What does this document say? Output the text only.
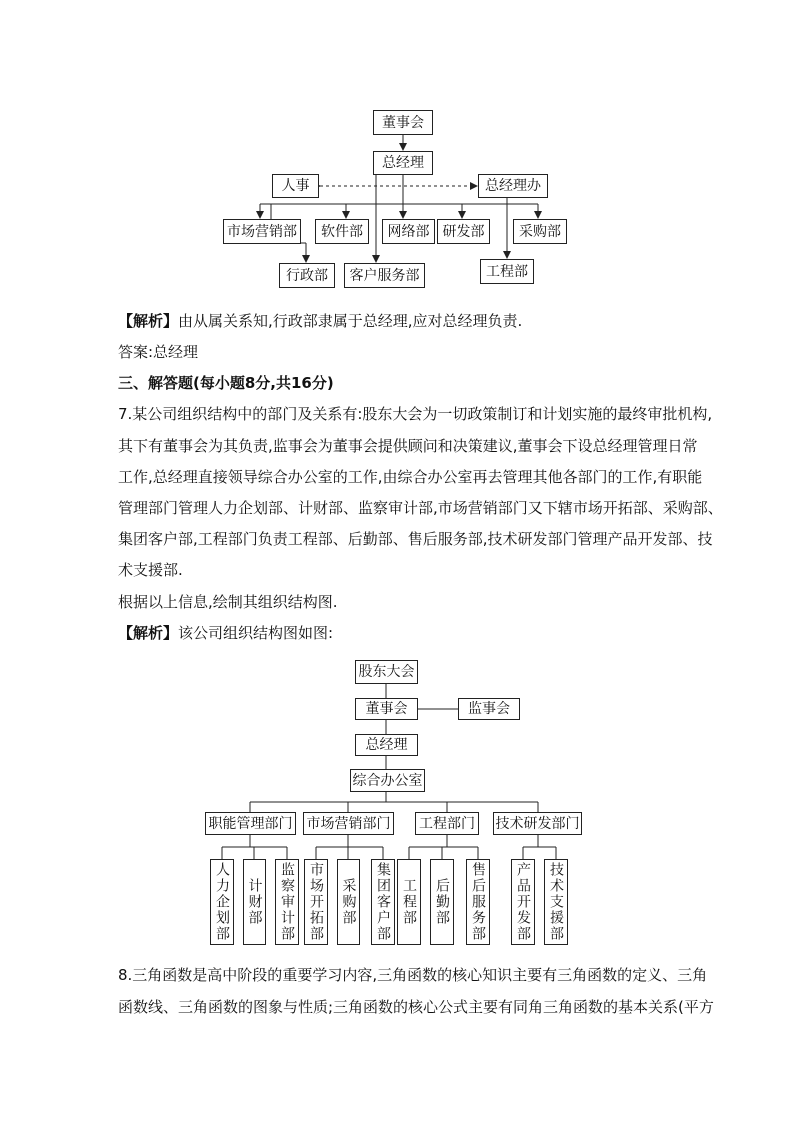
董事会
总经理
人事	总经理办
市场营销部	软件部	网络部 研发部	采购部
行政部	客户服务部	工程部
【解析】由从属关系知,行政部隶属于总经理,应对总经理负责.
答案:总经理
三、解答题(每小题8分,共16分)
7.某公司组织结构中的部门及关系有:股东大会为一切政策制订和计划实施的最终审批机构,
其下有董事会为其负责,监事会为董事会提供顾问和决策建议,董事会下设总经理管理日常
工作,总经理直接领导综合办公室的工作,由综合办公室再去管理其他各部门的工作,有职能
管理部门管理人力企划部、计财部、监察审计部,市场营销部门又下辖市场开拓部、采购部、
集团客户部,工程部门负责工程部、后勤部、售后服务部,技术研发部门管理产品开发部、技
术支援部.
根据以上信息,绘制其组织结构图.
【解析】该公司组织结构图如图:
股东大会
董事会	监事会
总经理
综合办公室
职能管理部门 市场营销部门 工程部门 技术研发部门
人力企划部 计财部 监察审计部 市场开拓部 采购部 集团客户部 工程部 后勤部 售后服务部 产品开发部 技术支援部
8.三角函数是高中阶段的重要学习内容,三角函数的核心知识主要有三角函数的定义、三角
函数线、三角函数的图象与性质;三角函数的核心公式主要有同角三角函数的基本关系(平方
